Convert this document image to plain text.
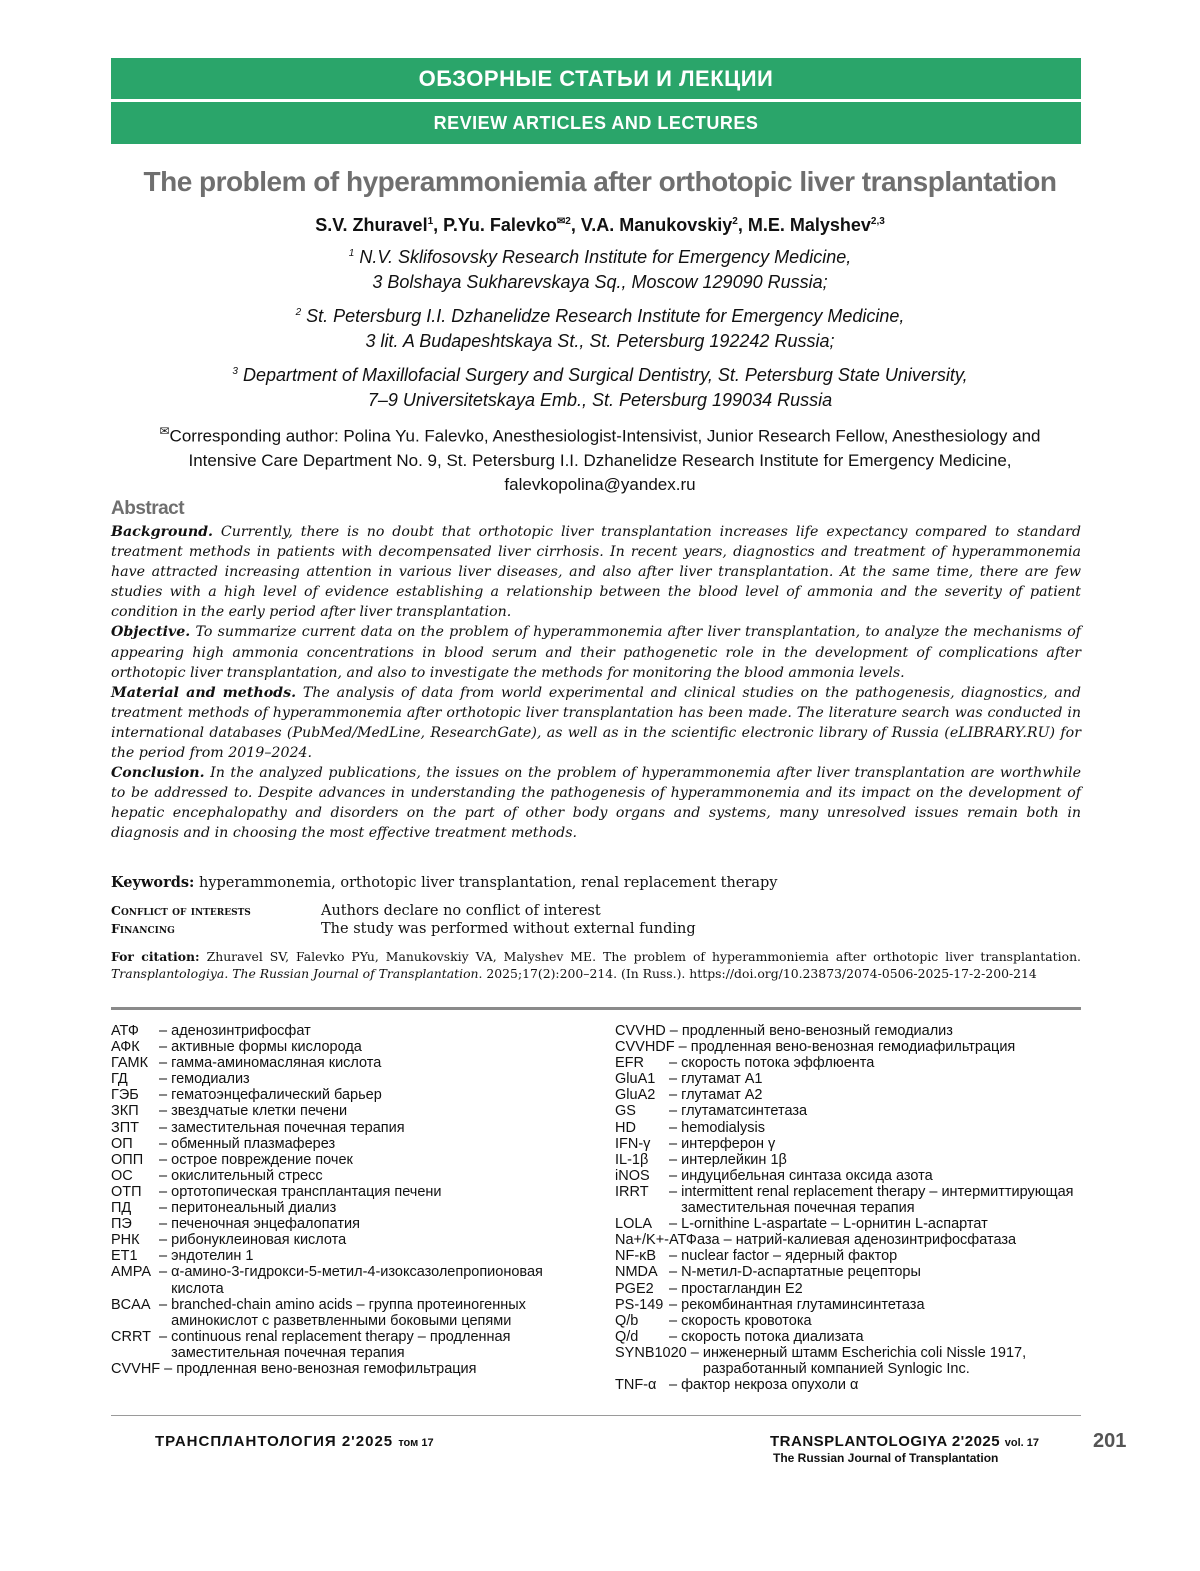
ОБЗОРНЫЕ СТАТЬИ И ЛЕКЦИИ
REVIEW ARTICLES AND LECTURES
The problem of hyperammoniemia after orthotopic liver transplantation
S.V. Zhuravel$^1$, P.Yu. Falevko$^{✉2}$, V.A. Manukovskiy$^2$, M.E. Malyshev$^{2,3}$
$^1$ N.V. Sklifosovsky Research Institute for Emergency Medicine,
3 Bolshaya Sukharevskaya Sq., Moscow 129090 Russia;
$^2$ St. Petersburg I.I. Dzhanelidze Research Institute for Emergency Medicine,
3 lit. A Budapeshtskaya St., St. Petersburg 192242 Russia;
$^3$ Department of Maxillofacial Surgery and Surgical Dentistry, St. Petersburg State University,
7–9 Universitetskaya Emb., St. Petersburg 199034 Russia
✉Corresponding author: Polina Yu. Falevko, Anesthesiologist-Intensivist, Junior Research Fellow, Anesthesiology and
Intensive Care Department No. 9, St. Petersburg I.I. Dzhanelidze Research Institute for Emergency Medicine,
falevkopolina@yandex.ru
Abstract

Background. Currently, there is no doubt that orthotopic liver transplantation increases life expectancy compared to standard treatment methods in patients with decompensated liver cirrhosis. In recent years, diagnostics and treatment of hyperammonemia have attracted increasing attention in various liver diseases, and also after liver transplantation. At the same time, there are few studies with a high level of evidence establishing a relationship between the blood level of ammonia and the severity of patient condition in the early period after liver transplantation.

Objective. To summarize current data on the problem of hyperammonemia after liver transplantation, to analyze the mechanisms of appearing high ammonia concentrations in blood serum and their pathogenetic role in the development of complications after orthotopic liver transplantation, and also to investigate the methods for monitoring the blood ammonia levels.

Material and methods. The analysis of data from world experimental and clinical studies on the pathogenesis, diagnostics, and treatment methods of hyperammonemia after orthotopic liver transplantation has been made. The literature search was conducted in international databases (PubMed/MedLine, ResearchGate), as well as in the scientific electronic library of Russia (eLIBRARY.RU) for the period from 2019–2024.

Conclusion. In the analyzed publications, the issues on the problem of hyperammonemia after liver transplantation are worthwhile to be addressed to. Despite advances in understanding the pathogenesis of hyperammonemia and its impact on the development of hepatic encephalopathy and disorders on the part of other body organs and systems, many unresolved issues remain both in diagnosis and in choosing the most effective treatment methods.

Keywords: hyperammonemia, orthotopic liver transplantation, renal replacement therapy
Conflict of interests	Authors declare no conflict of interest
Financing	The study was performed without external funding
For citation: Zhuravel SV, Falevko PYu, Manukovskiy VA, Malyshev ME. The problem of hyperammoniemia after orthotopic liver transplantation. Transplantologiya. The Russian Journal of Transplantation. 2025;17(2):200–214. (In Russ.). https://doi.org/10.23873/2074-0506-2025-17-2-200-214
АТФ	– аденозинтрифосфат
АФК	– активные формы кислорода
ГАМК – гамма-аминомасляная кислота
ГД	– гемодиализ
ГЭБ	– гематоэнцефалический барьер
ЗКП	– звездчатые клетки печени
ЗПТ	– заместительная почечная терапия
ОП	– обменный плазмаферез
ОПП – острое повреждение почек
ОС	– окислительный стресс
ОТП – ортотопическая трансплантация печени
ПД	– перитонеальный диализ
ПЭ	– печеночная энцефалопатия
РНК	– рибонуклеиновая кислота
ET1	– эндотелин 1
AMPA – α-амино-3-гидрокси-5-метил-4-изоксазолепропионовая кислота
BCAA – branched-chain amino acids – группа протеиногенных аминокислот с разветвленными боковыми цепями
CRRT – continuous renal replacement therapy – продленная заместительная почечная терапия
CVVHF – продленная вено-венозная гемофильтрация
CVVHD – продленный вено-венозный гемодиализ
CVVHDF – продленная вено-венозная гемодиафильтрация
EFR	– скорость потока эффлюента
GluA1 – глутамат А1
GluA2 – глутамат А2
GS	– глутаматсинтетаза
HD	– hemodialysis
IFN-γ	– интерферон γ
IL-1β	– интерлейкин 1β
iNOS	– индуцибельная синтаза оксида азота
IRRT	– intermittent renal replacement therapy – интермиттирующая заместительная почечная терапия
LOLA – L-ornithine L-aspartate – L-орнитин L-аспартат
Na+/K+-АТФаза – натрий-калиевая аденозинтрифосфатаза
NF-κB – nuclear factor – ядерный фактор
NMDA – N-метил-D-аспартатные рецепторы
PGE2 – простагландин Е2
PS-149 – рекомбинантная глутаминсинтетаза
Q/b	– скорость кровотока
Q/d	– скорость потока диализата
SYNB1020 – инженерный штамм Escherichia coli Nissle 1917, разработанный компанией Synlogic Inc.
TNF-α – фактор некроза опухоли α
ТРАНСПЛАНТОЛОГИЯ 2'2025 том 17	TRANSPLANTOLOGIYA 2'2025 vol. 17
The Russian Journal of Transplantation
201
